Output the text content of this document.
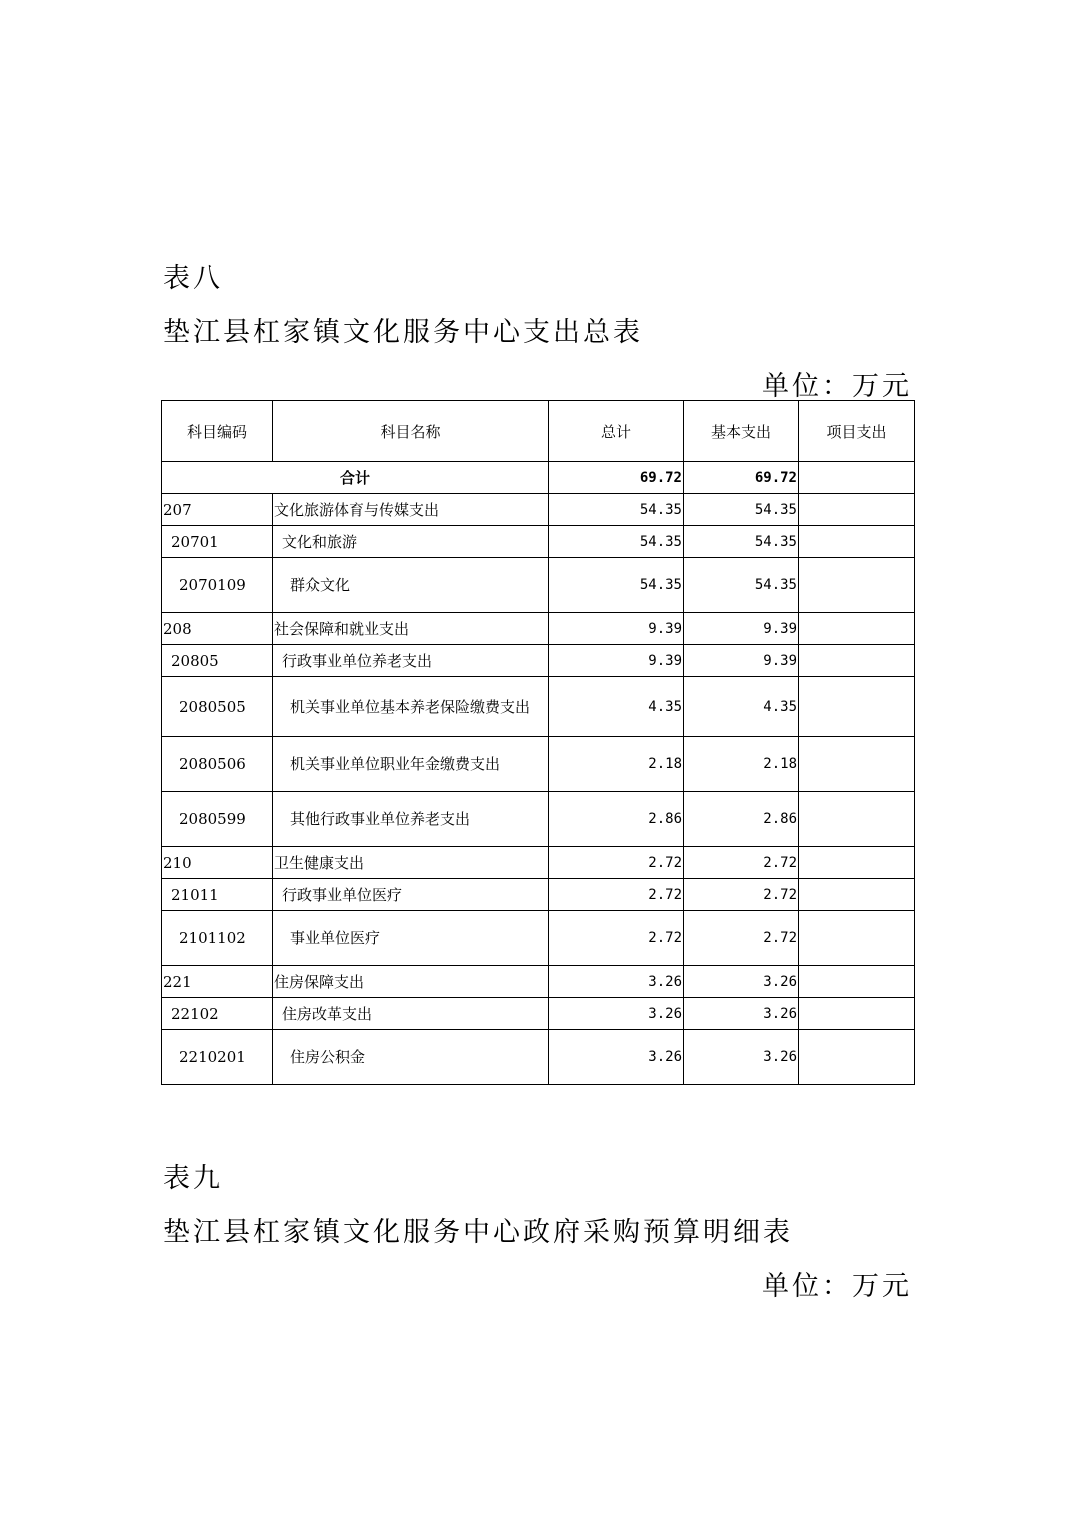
表八
垫江县杠家镇文化服务中心支出总表
单位：万元
科目编码	科目名称	总计	基本支出	项目支出
合计		69.72	69.72	
207	文化旅游体育与传媒支出	54.35	54.35	
20701	文化和旅游	54.35	54.35	
2070109	群众文化	54.35	54.35	
208	社会保障和就业支出	9.39	9.39	
20805	行政事业单位养老支出	9.39	9.39	
2080505	机关事业单位基本养老保险缴费支出	4.35	4.35	
2080506	机关事业单位职业年金缴费支出	2.18	2.18	
2080599	其他行政事业单位养老支出	2.86	2.86	
210	卫生健康支出	2.72	2.72	
21011	行政事业单位医疗	2.72	2.72	
2101102	事业单位医疗	2.72	2.72	
221	住房保障支出	3.26	3.26	
22102	住房改革支出	3.26	3.26	
2210201	住房公积金	3.26	3.26	
表九
垫江县杠家镇文化服务中心政府采购预算明细表
单位：万元
